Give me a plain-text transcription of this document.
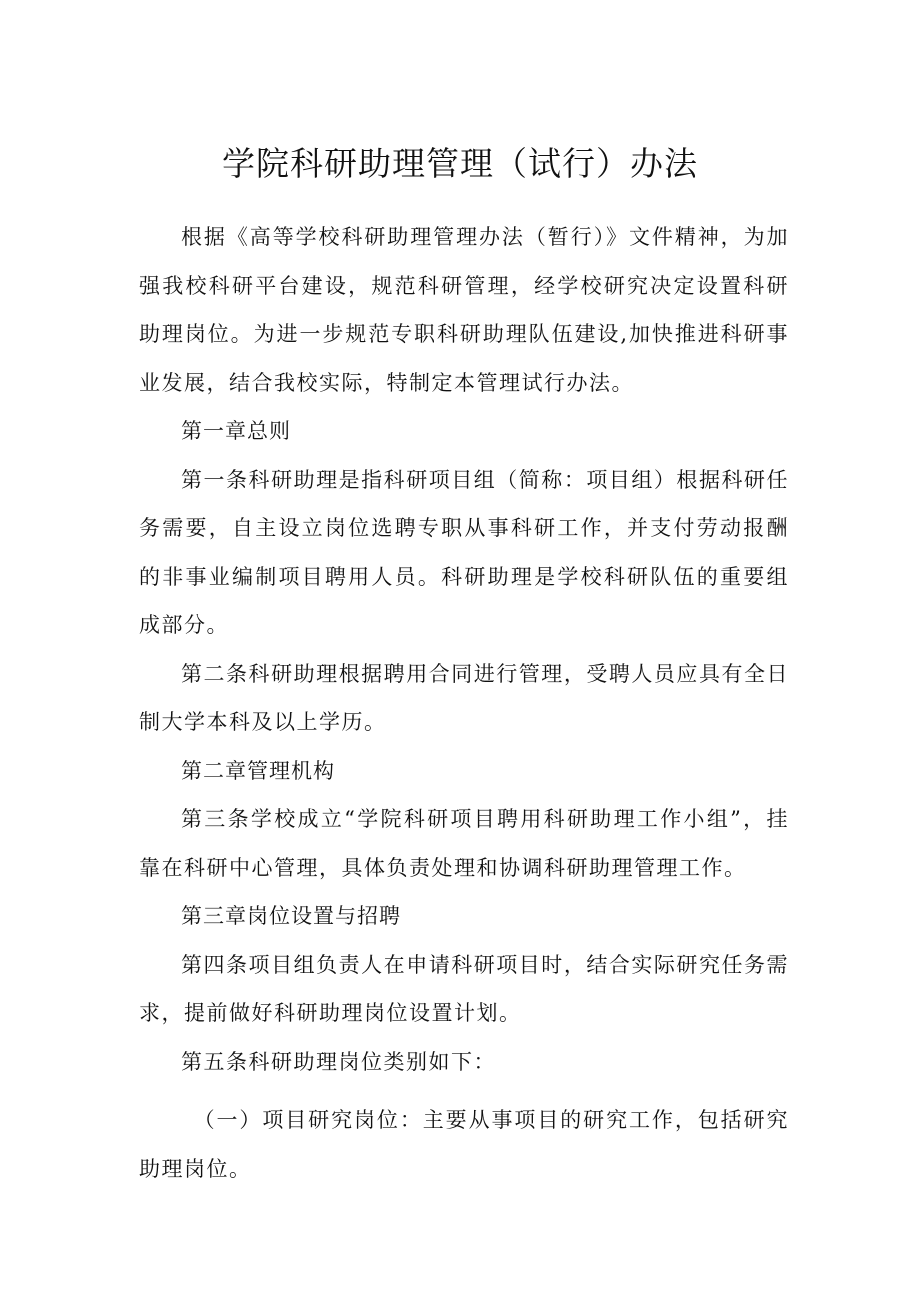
学院科研助理管理（试行）办法

根据《高等学校科研助理管理办法（暂行）》文件精神，为加强我校科研平台建设，规范科研管理，经学校研究决定设置科研助理岗位。为进一步规范专职科研助理队伍建设,加快推进科研事业发展，结合我校实际，特制定本管理试行办法。

第一章总则

第一条科研助理是指科研项目组（简称：项目组）根据科研任务需要，自主设立岗位选聘专职从事科研工作，并支付劳动报酬的非事业编制项目聘用人员。科研助理是学校科研队伍的重要组成部分。

第二条科研助理根据聘用合同进行管理，受聘人员应具有全日制大学本科及以上学历。

第二章管理机构

第三条学校成立“学院科研项目聘用科研助理工作小组”，挂靠在科研中心管理，具体负责处理和协调科研助理管理工作。

第三章岗位设置与招聘

第四条项目组负责人在申请科研项目时，结合实际研究任务需求，提前做好科研助理岗位设置计划。

第五条科研助理岗位类别如下：

（一）项目研究岗位：主要从事项目的研究工作，包括研究助理岗位。
